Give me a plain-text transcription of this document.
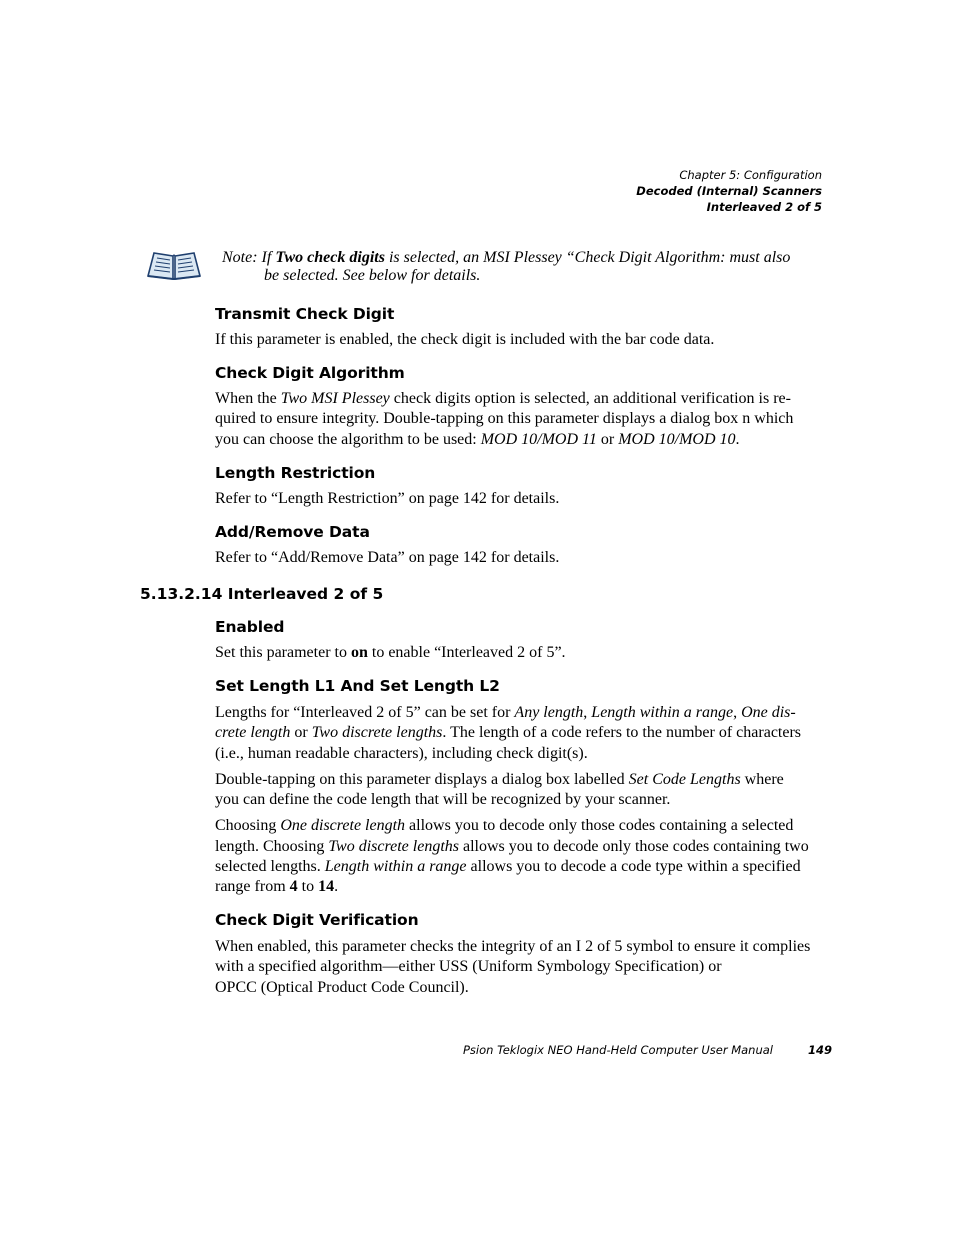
Chapter 5: Configuration
Decoded (Internal) Scanners
Interleaved 2 of 5
Note: If Two check digits is selected, an MSI Plessey “Check Digit Algorithm: must also
be selected. See below for details.
Transmit Check Digit

If this parameter is enabled, the check digit is included with the bar code data.

Check Digit Algorithm

When the Two MSI Plessey check digits option is selected, an additional verification is re-
quired to ensure integrity. Double-tapping on this parameter displays a dialog box n which
you can choose the algorithm to be used: MOD 10/MOD 11 or MOD 10/MOD 10.

Length Restriction

Refer to “Length Restriction” on page 142 for details.

Add/Remove Data

Refer to “Add/Remove Data” on page 142 for details.

5.13.2.14 Interleaved 2 of 5
Enabled

Set this parameter to on to enable “Interleaved 2 of 5”.

Set Length L1 And Set Length L2

Lengths for “Interleaved 2 of 5” can be set for Any length, Length within a range, One dis-
crete length or Two discrete lengths. The length of a code refers to the number of characters
(i.e., human readable characters), including check digit(s).

Double-tapping on this parameter displays a dialog box labelled Set Code Lengths where
you can define the code length that will be recognized by your scanner.

Choosing One discrete length allows you to decode only those codes containing a selected
length. Choosing Two discrete lengths allows you to decode only those codes containing two
selected lengths. Length within a range allows you to decode a code type within a specified
range from 4 to 14.

Check Digit Verification

When enabled, this parameter checks the integrity of an I 2 of 5 symbol to ensure it complies
with a specified algorithm—either USS (Uniform Symbology Specification) or
OPCC (Optical Product Code Council).

Psion Teklogix NEO Hand-Held Computer User Manual	149
